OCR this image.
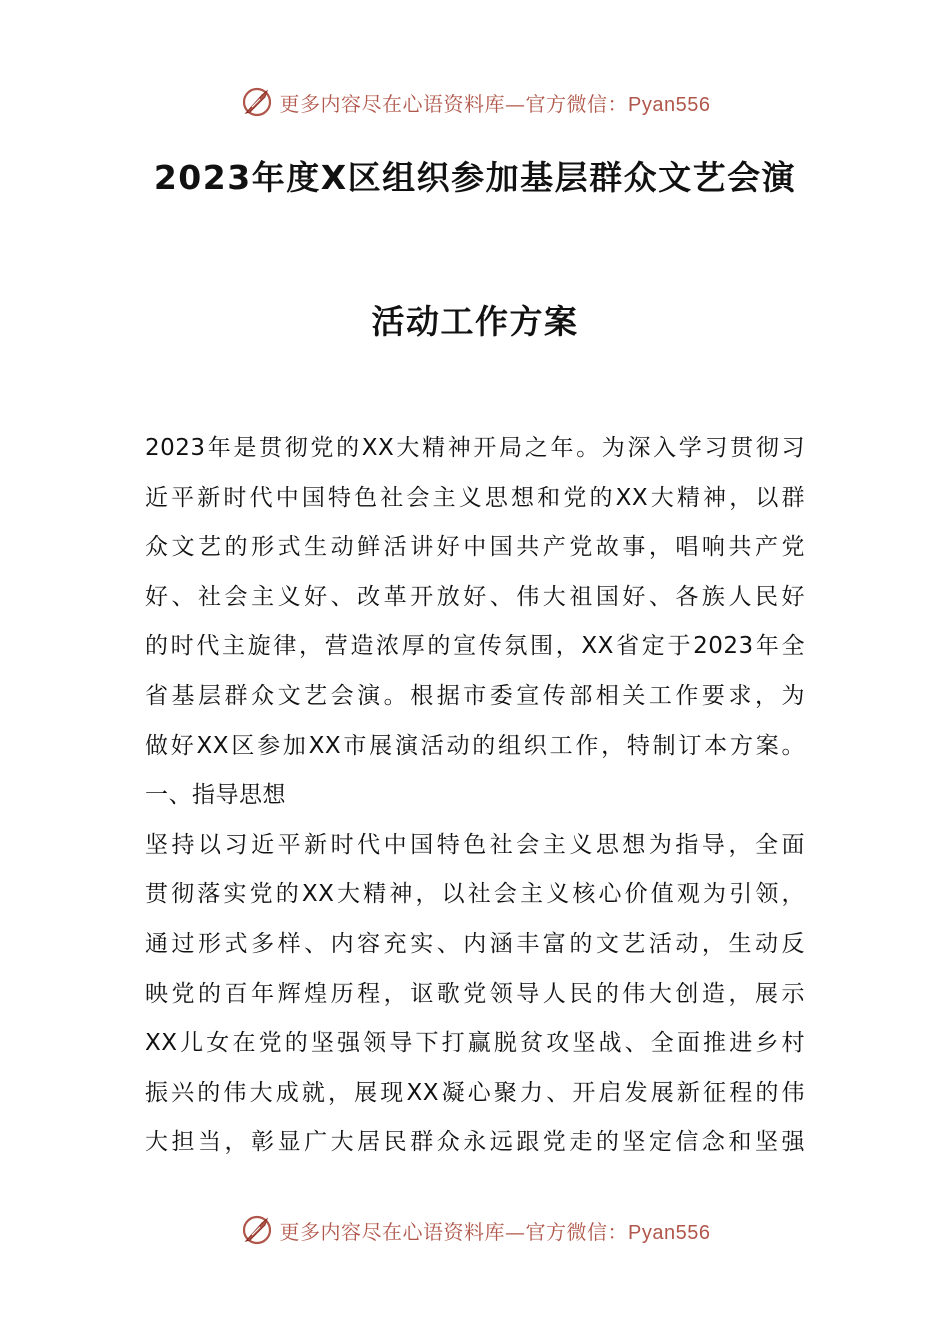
更多内容尽在心语资料库—官方微信：Pyan556
2023年度X区组织参加基层群众文艺会演
活动工作方案
2023年是贯彻党的XX大精神开局之年。为深入学习贯彻习
近平新时代中国特色社会主义思想和党的XX大精神，以群
众文艺的形式生动鲜活讲好中国共产党故事，唱响共产党
好、社会主义好、改革开放好、伟大祖国好、各族人民好
的时代主旋律，营造浓厚的宣传氛围，XX省定于2023年全
省基层群众文艺会演。根据市委宣传部相关工作要求，为
做好XX区参加XX市展演活动的组织工作，特制订本方案。
一、指导思想
坚持以习近平新时代中国特色社会主义思想为指导，全面
贯彻落实党的XX大精神，以社会主义核心价值观为引领，
通过形式多样、内容充实、内涵丰富的文艺活动，生动反
映党的百年辉煌历程，讴歌党领导人民的伟大创造，展示
XX儿女在党的坚强领导下打赢脱贫攻坚战、全面推进乡村
振兴的伟大成就，展现XX凝心聚力、开启发展新征程的伟
大担当，彰显广大居民群众永远跟党走的坚定信念和坚强
更多内容尽在心语资料库—官方微信：Pyan556
